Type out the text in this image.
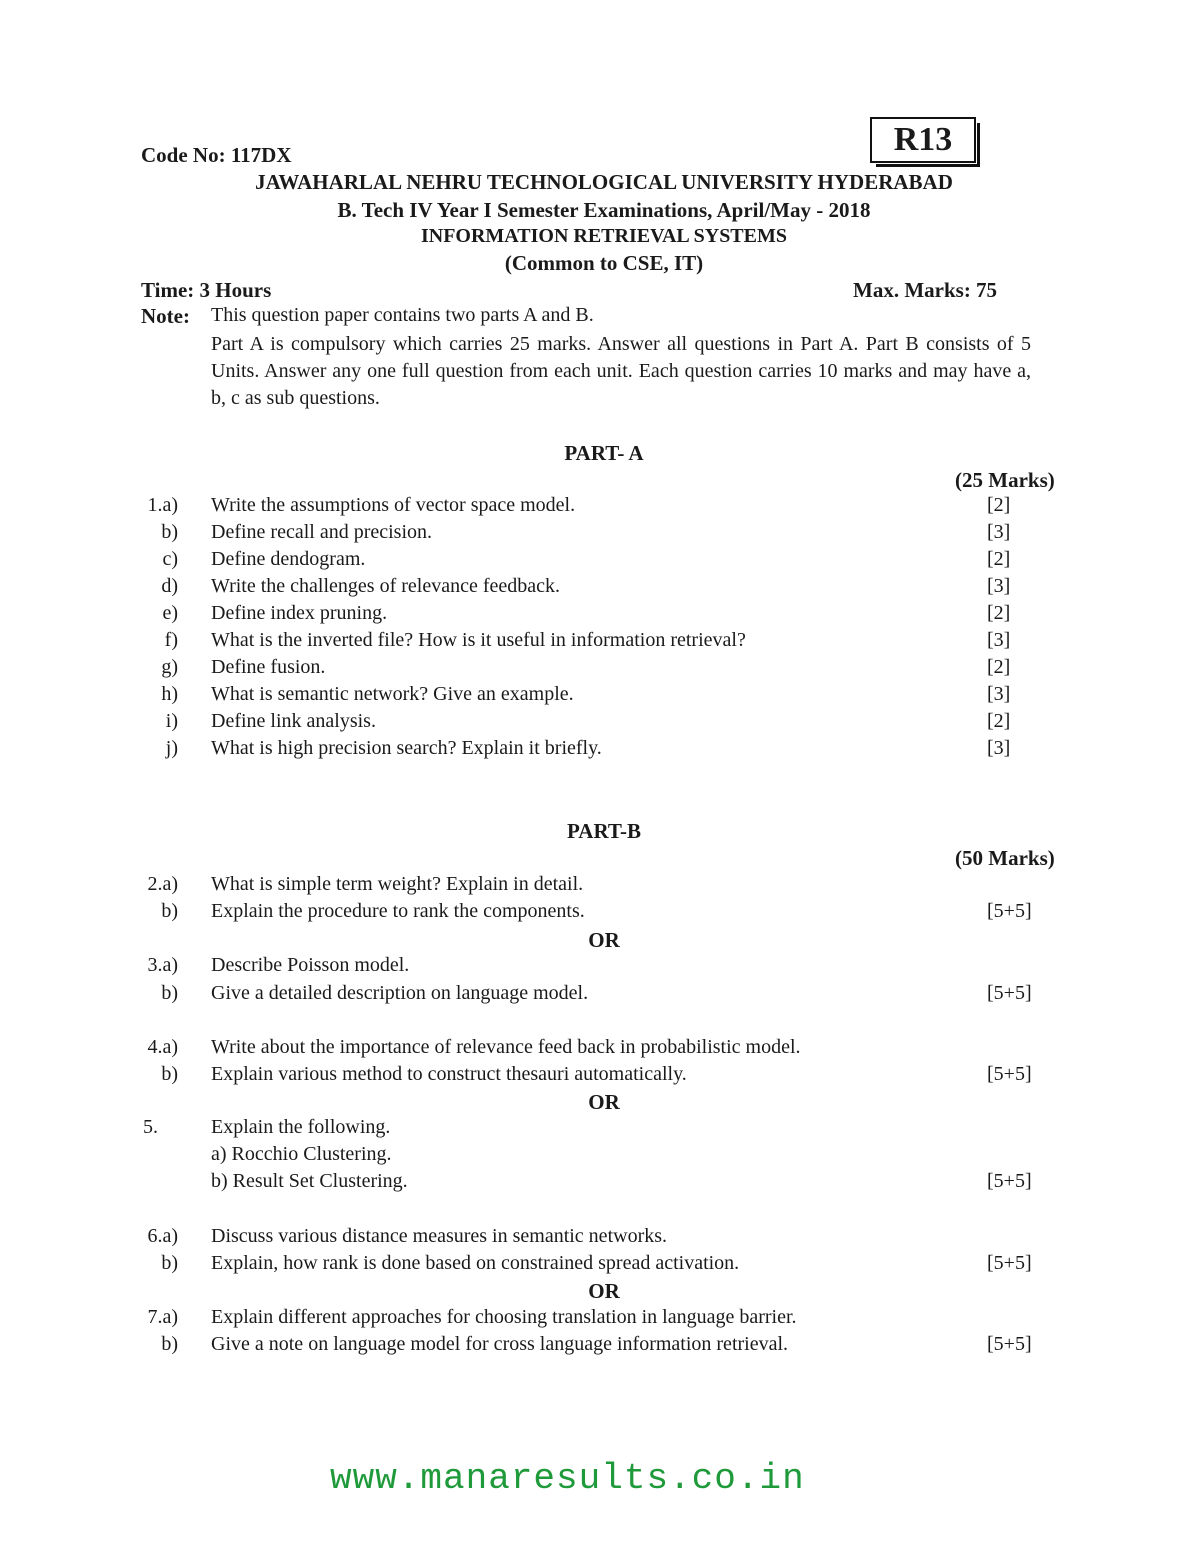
R13
Code No: 117DX
JAWAHARLAL NEHRU TECHNOLOGICAL UNIVERSITY HYDERABAD
B. Tech IV Year I Semester Examinations, April/May - 2018
INFORMATION RETRIEVAL SYSTEMS
(Common to CSE, IT)
Time: 3 Hours	Max. Marks: 75
Note: This question paper contains two parts A and B.
Part A is compulsory which carries 25 marks. Answer all questions in Part A. Part B consists of 5 Units. Answer any one full question from each unit. Each question carries 10 marks and may have a, b, c as sub questions.
PART- A
(25 Marks)
1.a) Write the assumptions of vector space model.	[2]
b) Define recall and precision.	[3]
c) Define dendogram.	[2]
d) Write the challenges of relevance feedback.	[3]
e) Define index pruning.	[2]
f) What is the inverted file? How is it useful in information retrieval?	[3]
g) Define fusion.	[2]
h) What is semantic network? Give an example.	[3]
i) Define link analysis.	[2]
j) What is high precision search? Explain it briefly.	[3]
PART-B
(50 Marks)
2.a) What is simple term weight? Explain in detail.
b) Explain the procedure to rank the components.	[5+5]
3.a) Describe Poisson model.
b) Give a detailed description on language model.	[5+5]
4.a) Write about the importance of relevance feed back in probabilistic model.
b) Explain various method to construct thesauri automatically.	[5+5]
5.	Explain the following.
a) Rocchio Clustering.
b) Result Set Clustering.	[5+5]
6.a) Discuss various distance measures in semantic networks.
b) Explain, how rank is done based on constrained spread activation.	[5+5]
7.a) Explain different approaches for choosing translation in language barrier.
b) Give a note on language model for cross language information retrieval.	[5+5]
OR
OR
OR
www.manaresults.co.in
